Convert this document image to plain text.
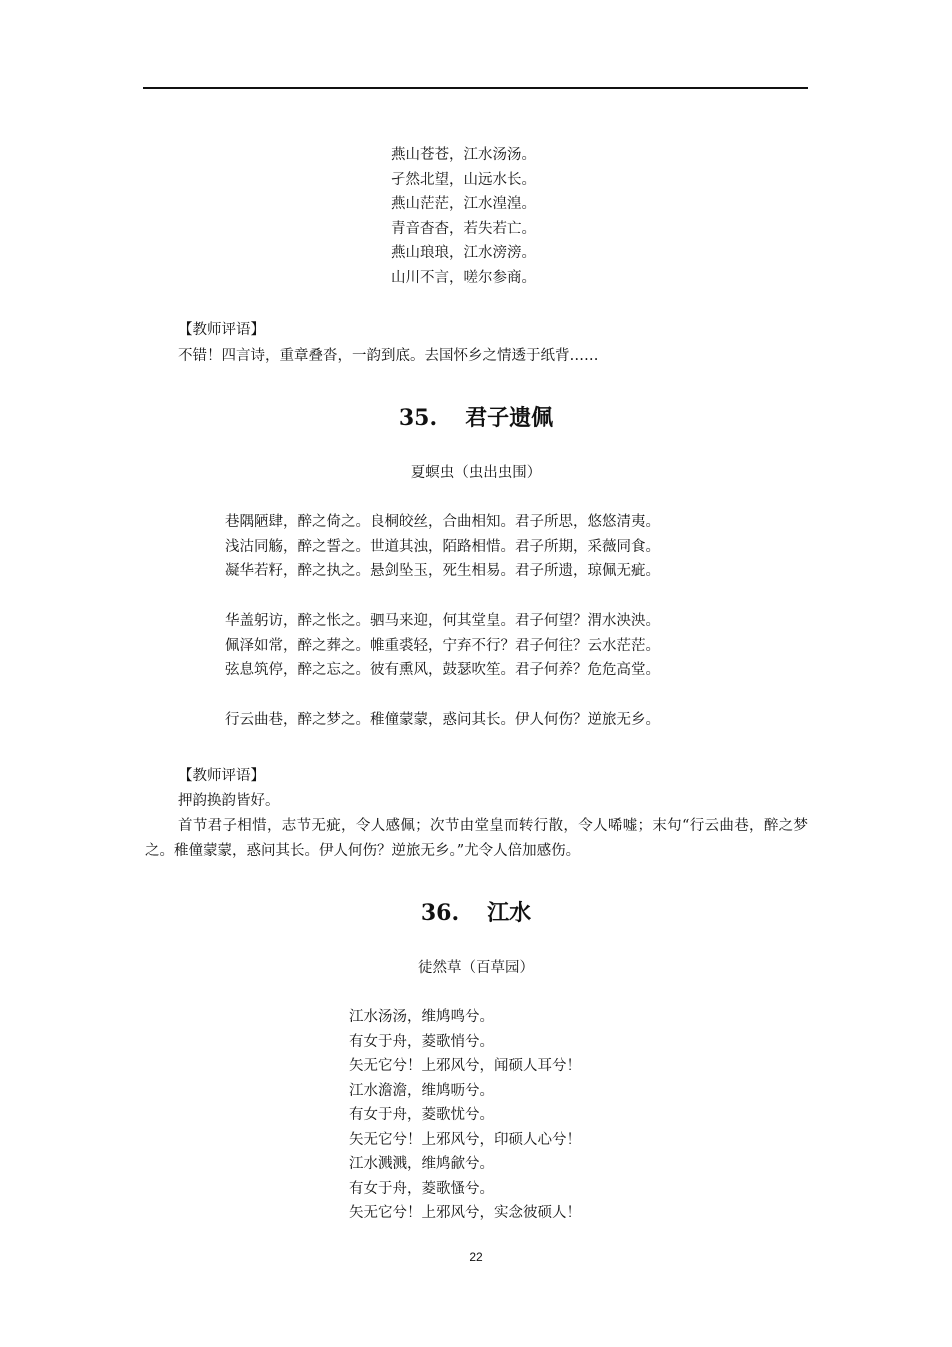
燕山苍苍，江水汤汤。
孑然北望，山远水长。
燕山茫茫，江水湟湟。
青音杳杳，若失若亡。
燕山琅琅，江水滂滂。
山川不言，嗟尔参商。
【教师评语】
不错！四言诗，重章叠沓，一韵到底。去国怀乡之情透于纸背……
35. 君子遗佩
夏螟虫（虫出虫围）
巷隅陋肆，醉之倚之。良桐皎丝，合曲相知。君子所思，悠悠清夷。
浅沽同觞，醉之誓之。世道其浊，陌路相惜。君子所期，采薇同食。
凝华若籽，醉之执之。悬剑坠玉，死生相易。君子所遗，琼佩无疵。
华盖躬访，醉之怅之。驷马来迎，何其堂皇。君子何望？渭水泱泱。
佩泽如常，醉之葬之。帷重裘轻，宁弃不行？君子何往？云水茫茫。
弦息筑停，醉之忘之。彼有熏风，鼓瑟吹笙。君子何养？危危高堂。
行云曲巷，醉之梦之。稚僮蒙蒙，惑问其长。伊人何伤？逆旅无乡。
【教师评语】
押韵换韵皆好。
首节君子相惜，志节无疵，令人感佩；次节由堂皇而转行散，令人唏嘘；末句“行云曲巷，醉之梦之。稚僮蒙蒙，惑问其长。伊人何伤？逆旅无乡。”尤令人倍加感伤。
36. 江水
徒然草（百草园）
江水汤汤，维鸠鸣兮。
有女于舟，菱歌悄兮。
矢无它兮！上邪风兮，闻硕人耳兮！
江水澹澹，维鸠呖兮。
有女于舟，菱歌忧兮。
矢无它兮！上邪风兮，印硕人心兮！
江水溅溅，维鸠歈兮。
有女于舟，菱歌慅兮。
矢无它兮！上邪风兮，实念彼硕人！
22
